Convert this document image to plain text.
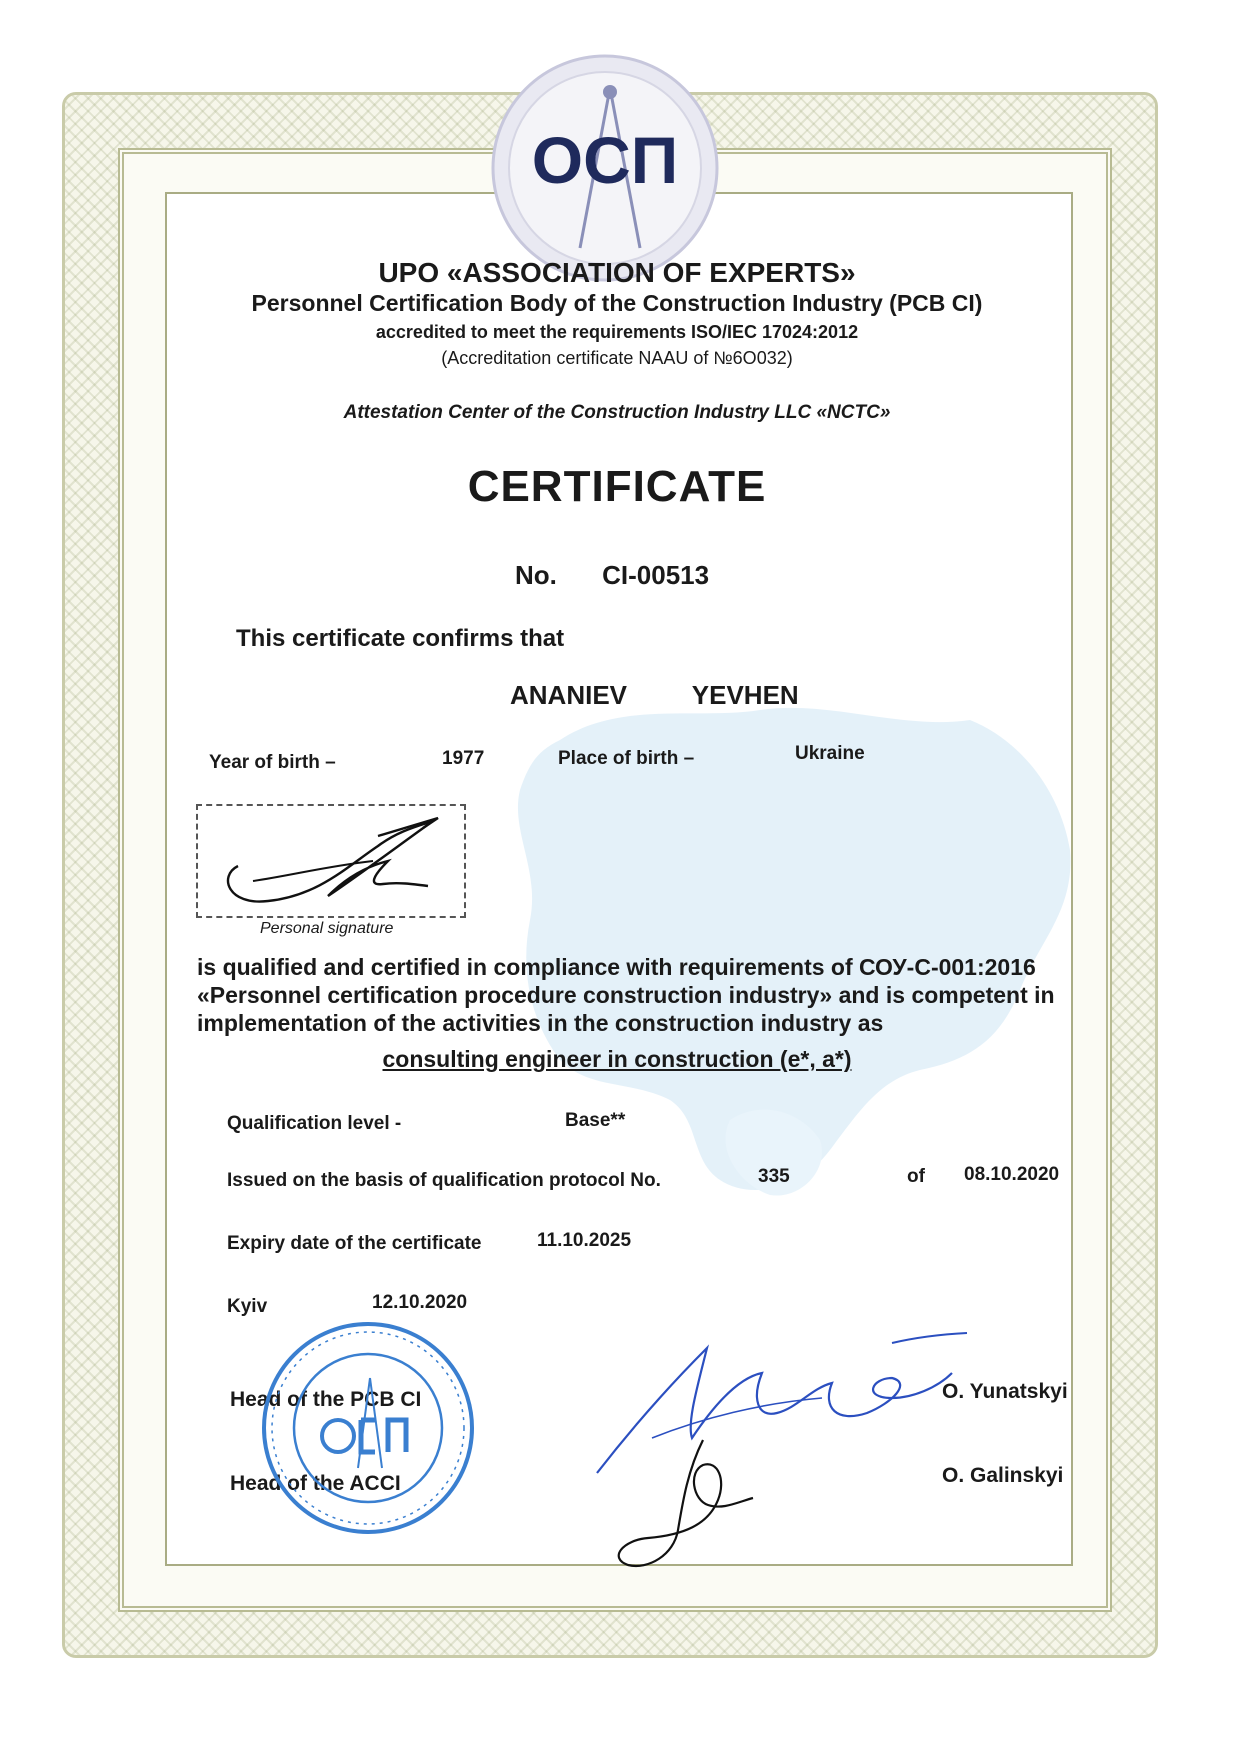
ОСП
UPO «ASSOCIATION OF EXPERTS»
Personnel Certification Body of the Construction Industry (PCB CI)
accredited to meet the requirements ISO/IEC 17024:2012
(Accreditation certificate NAAU of №6О032)
Attestation Center of the Construction Industry LLC «NCTC»
CERTIFICATE
No. CI-00513
This certificate confirms that
ANANIEV YEVHEN
Year of birth –	1977	Place of birth –	Ukraine
Personal signature

is qualified and certified in compliance with requirements of СОУ-С-001:2016

«Personnel certification procedure construction industry» and is competent in

implementation of the activities in the construction industry as

consulting engineer in construction (e*, a*)
Qualification level -	Base**
Issued on the basis of qualification protocol No.	335	of 08.10.2020
Expiry date of the certificate	11.10.2025
Kyiv	12.10.2020
Head of the PCB CI	O. Yunatskyi
Head of the ACCI	O. Galinskyi
